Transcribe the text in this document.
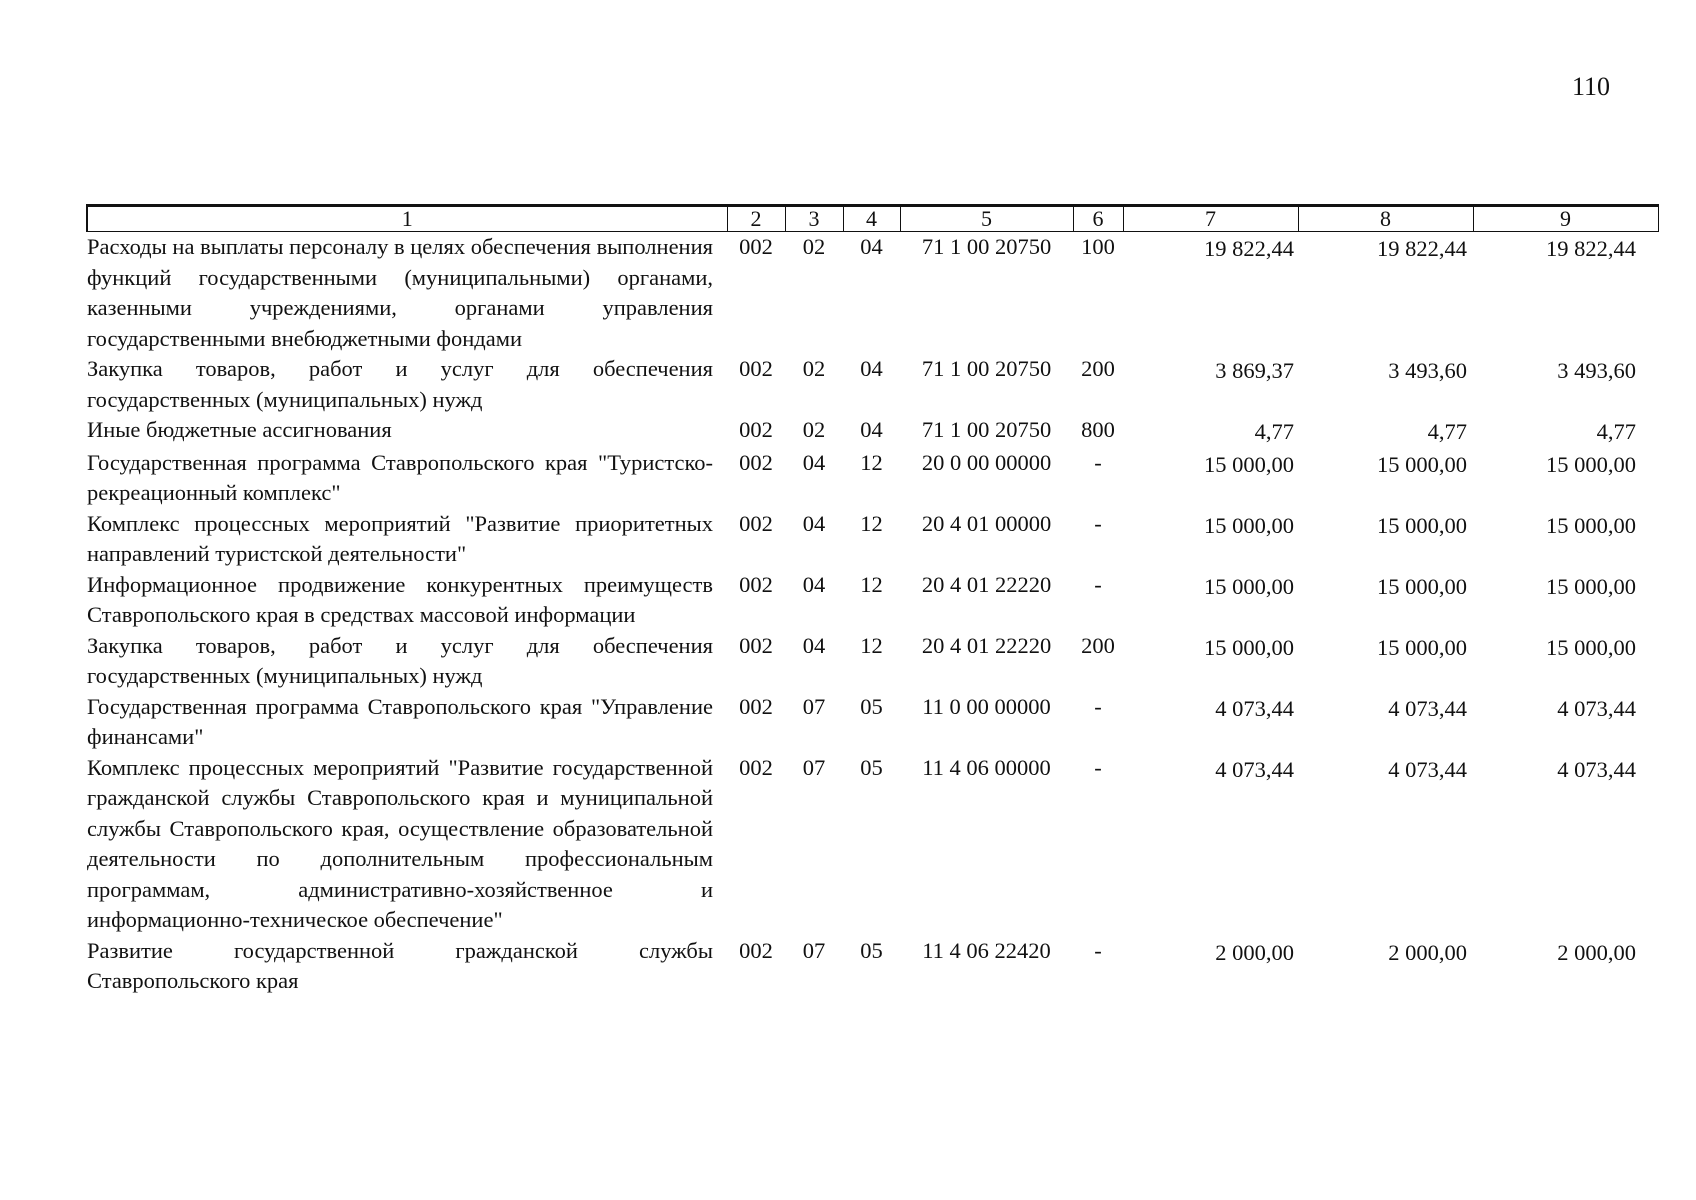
110
1	2	3	4	5	6	7	8	9
Расходы на выплаты персоналу в целях обеспечения выполнения функций государственными (муниципальными) органами, казенными учреждениями, органами управления государственными внебюджетными фондами	002	02	04	71 1 00 20750	100	19 822,44	19 822,44	19 822,44
Закупка товаров, работ и услуг для обеспечения государственных (муниципальных) нужд	002	02	04	71 1 00 20750	200	3 869,37	3 493,60	3 493,60
Иные бюджетные ассигнования	002	02	04	71 1 00 20750	800	4,77	4,77	4,77
Государственная программа Ставропольского края "Туристско-рекреационный комплекс"	002	04	12	20 0 00 00000	-	15 000,00	15 000,00	15 000,00
Комплекс процессных мероприятий "Развитие приоритетных направлений туристской деятельности"	002	04	12	20 4 01 00000	-	15 000,00	15 000,00	15 000,00
Информационное продвижение конкурентных преимуществ Ставропольского края в средствах массовой информации	002	04	12	20 4 01 22220	-	15 000,00	15 000,00	15 000,00
Закупка товаров, работ и услуг для обеспечения государственных (муниципальных) нужд	002	04	12	20 4 01 22220	200	15 000,00	15 000,00	15 000,00
Государственная программа Ставропольского края "Управление финансами"	002	07	05	11 0 00 00000	-	4 073,44	4 073,44	4 073,44
Комплекс процессных мероприятий "Развитие государственной гражданской службы Ставропольского края и муниципальной службы Ставропольского края, осуществление образовательной деятельности по дополнительным профессиональным программам, административно-хозяйственное и информационно-техническое обеспечение"	002	07	05	11 4 06 00000	-	4 073,44	4 073,44	4 073,44
Развитие государственной гражданской службы Ставропольского края	002	07	05	11 4 06 22420	-	2 000,00	2 000,00	2 000,00
